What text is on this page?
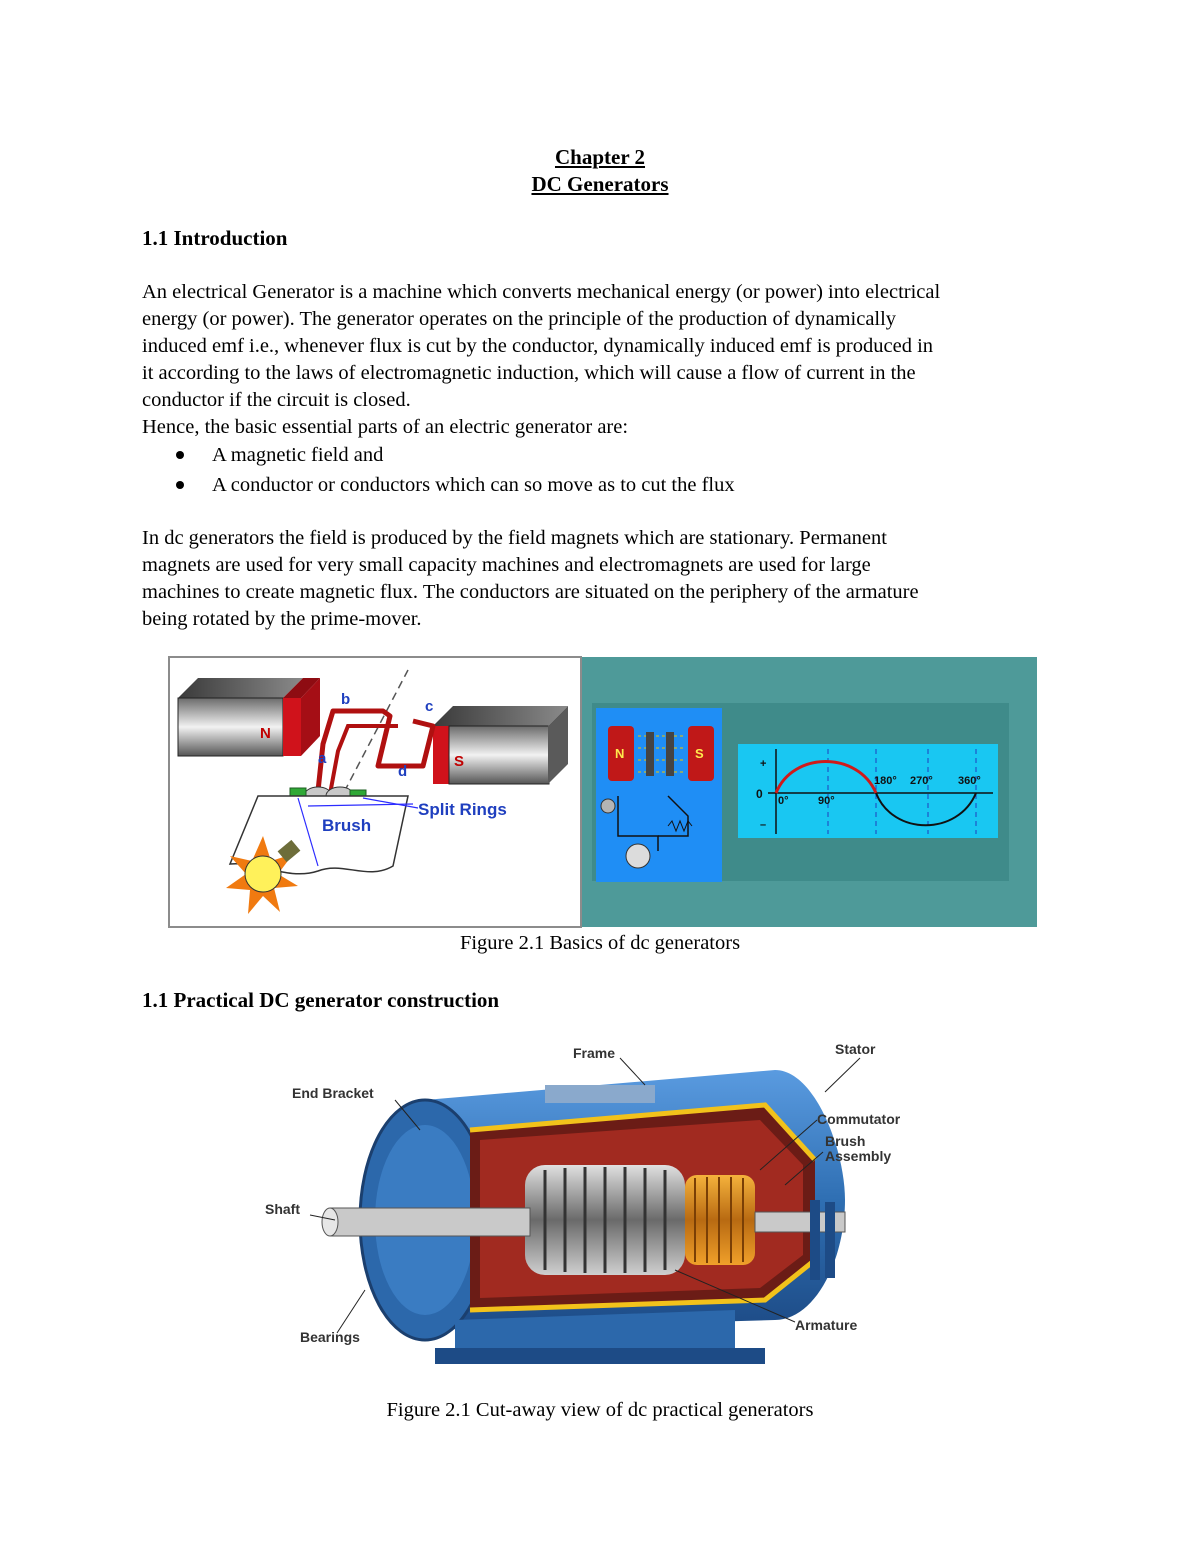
Chapter 2
DC Generators
1.1 Introduction

An electrical Generator is a machine which converts mechanical energy (or power) into electrical

energy (or power). The generator operates on the principle of the production of dynamically

induced emf i.e., whenever flux is cut by the conductor, dynamically induced emf is produced in

it according to the laws of electromagnetic induction, which will cause a flow of current in the

conductor if the circuit is closed.

Hence, the basic essential parts of an electric generator are:

A magnetic field and
A conductor or conductors which can so move as to cut the flux

In dc generators the field is produced by the field magnets which are stationary. Permanent

magnets are used for very small capacity machines and electromagnets are used for large

machines to create magnetic flux. The conductors are situated on the periphery of the armature

being rotated by the prime-mover.

N
S
b	c
a
d
Brush
Split Rings
N	S
+
0
–
0°	90°
180° 270° 360°
Figure 2.1 Basics of dc generators
1.1 Practical DC generator construction
Frame	Stator
End Bracket
Commutator
Brush
Assembly
Shaft
Bearings
Armature
Figure 2.1 Cut-away view of dc practical generators
